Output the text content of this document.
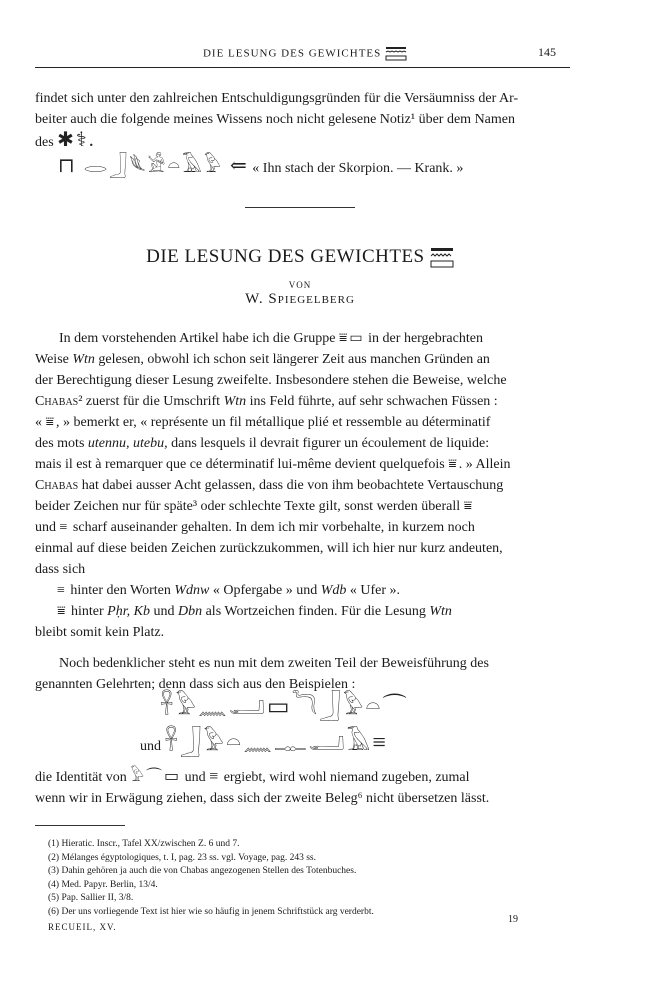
DIE LESUNG DES GEWICHTES	145
findet sich unter den zahlreichen Entschuldigungsgründen für die Versäumniss der Ar-
beiter auch die folgende meines Wissens noch nicht gelesene Notiz¹ über dem Namen
des ✱⚕.
⊓ 𓂋𓃀𓆰𓀀𓏏𓄿𓅱 ⇐ « Ihn stach der Skorpion. — Krank. »
DIE LESUNG DES GEWICHTES
VON
W. Spiegelberg
In dem vorstehenden Artikel habe ich die Gruppe ⩸▭ in der hergebrachten
Weise Wtn gelesen, obwohl ich schon seit längerer Zeit aus manchen Gründen an
der Berechtigung dieser Lesung zweifelte. Insbesondere stehen die Beweise, welche
Chabas² zuerst für die Umschrift Wtn ins Feld führte, auf sehr schwachen Füssen :
« ⩸, » bemerkt er, « représente un fil métallique plié et ressemble au déterminatif
des mots utennu, utebu, dans lesquels il devrait figurer un écoulement de liquide:
mais il est à remarquer que ce déterminatif lui-même devient quelquefois ⩸. » Allein
Chabas hat dabei ausser Acht gelassen, dass die von ihm beobachtete Vertauschung
beider Zeichen nur für späte³ oder schlechte Texte gilt, sonst werden überall ⩸
und ≡ scharf auseinander gehalten. In dem ich mir vorbehalte, in kurzem noch
einmal auf diese beiden Zeichen zurückzukommen, will ich hier nur kurz andeuten,
dass sich
≡ hinter den Worten Wdnw « Opfergabe » und Wdb « Ufer ».
⩸ hinter Pḥr, Kb und Dbn als Wortzeichen finden. Für die Lesung Wtn
bleibt somit kein Platz.
Noch bedenklicher steht es nun mit dem zweiten Teil der Beweisführung des
genannten Gelehrten; denn dass sich aus den Beispielen :
𓋹𓅱𓈖𓂝▭𓆓𓃀𓅱𓏏⌒
und 𓋹𓃀𓅱𓏏𓈖𓊃𓂝𓄿≡
die Identität von 𓅱⌒▭ und ≡ ergiebt, wird wohl niemand zugeben, zumal
wenn wir in Erwägung ziehen, dass sich der zweite Beleg⁶ nicht übersetzen lässt.
(1) Hieratic. Inscr., Tafel XX/zwischen Z. 6 und 7.
(2) Mélanges égyptologiques, t. I, pag. 23 ss. vgl. Voyage, pag. 243 ss.
(3) Dahin gehören ja auch die von Chabas angezogenen Stellen des Totenbuches.
(4) Med. Papyr. Berlin, 13/4.
(5) Pap. Sallier II, 3/8.
(6) Der uns vorliegende Text ist hier wie so häufig in jenem Schriftstück arg verderbt.
RECUEIL, XV.
19
